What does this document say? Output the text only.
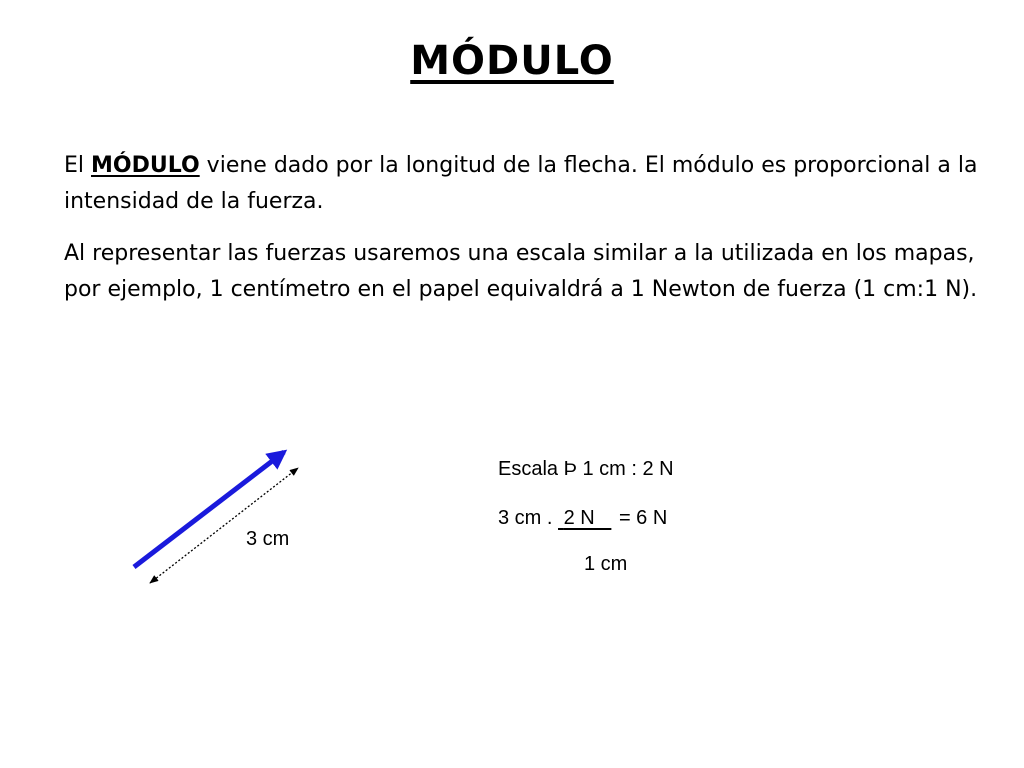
MÓDULO

El MÓDULO viene dado por la longitud de la flecha. El módulo es proporcional a la intensidad de la fuerza.

Al representar las fuerzas usaremos una escala similar a la utilizada en los mapas, por ejemplo, 1 centímetro en el papel equivaldrá a 1 Newton de fuerza (1 cm:1 N).

3 cm
Escala Þ 1 cm : 2 N
3 cm . 2 N    = 6 N
1 cm
